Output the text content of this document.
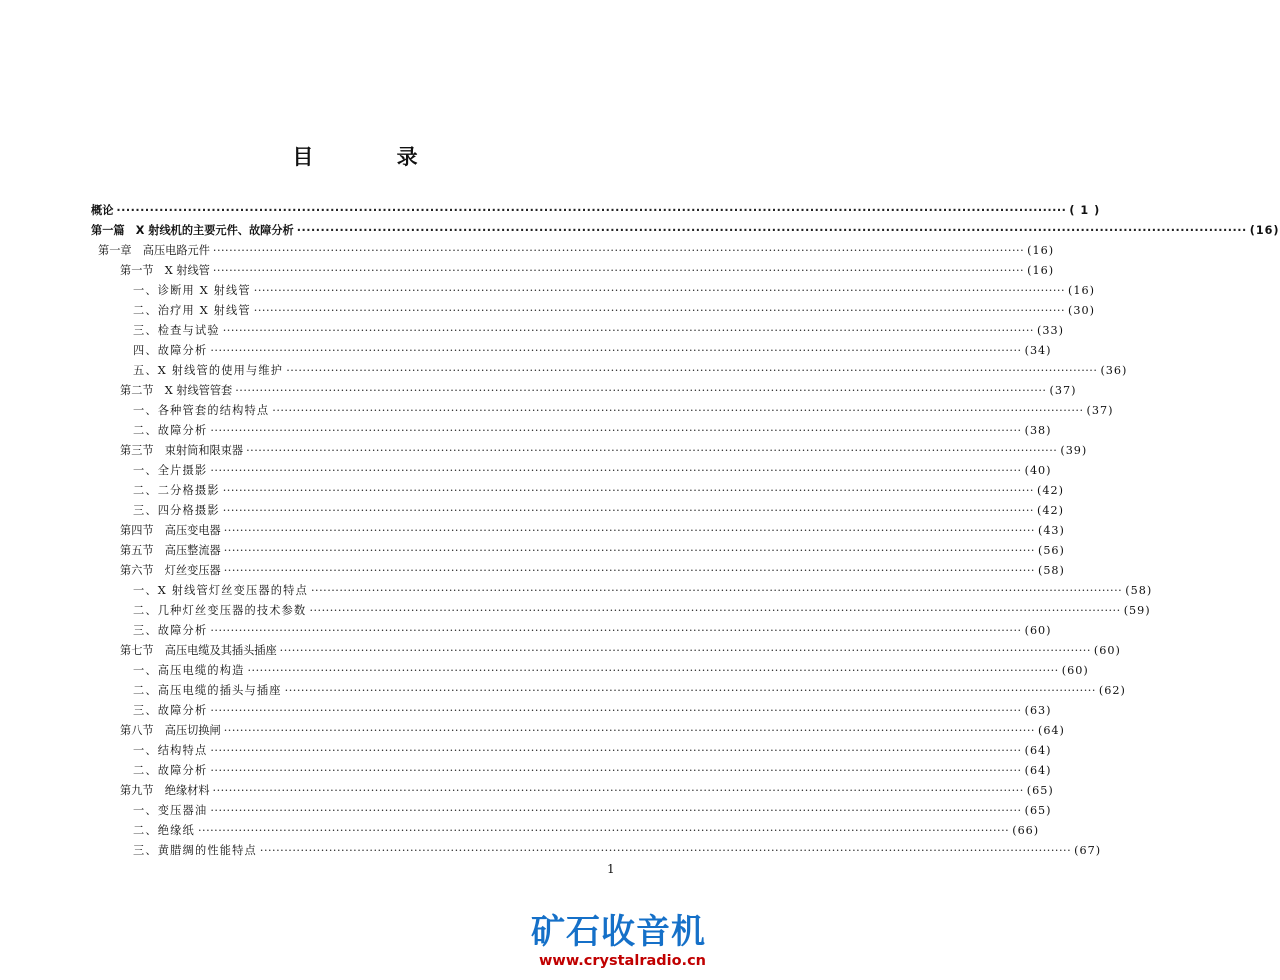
目 录
概论 ········································································································································································································ ( 1 )
第一篇　X 射线机的主要元件、故障分析 ········································································································································································································ (16)
第一章　高压电路元件 ········································································································································································································ (16)
第一节　X 射线管 ········································································································································································································ (16)
一、诊断用 X 射线管 ········································································································································································································ (16)
二、治疗用 X 射线管 ········································································································································································································ (30)
三、检查与试验 ········································································································································································································ (33)
四、故障分析 ········································································································································································································ (34)
五、X 射线管的使用与维护 ········································································································································································································ (36)
第二节　X 射线管管套 ········································································································································································································ (37)
一、各种管套的结构特点 ········································································································································································································ (37)
二、故障分析 ········································································································································································································ (38)
第三节　束射筒和限束器 ········································································································································································································ (39)
一、全片摄影 ········································································································································································································ (40)
二、二分格摄影 ········································································································································································································ (42)
三、四分格摄影 ········································································································································································································ (42)
第四节　高压变电器 ········································································································································································································ (43)
第五节　高压整流器 ········································································································································································································ (56)
第六节　灯丝变压器 ········································································································································································································ (58)
一、X 射线管灯丝变压器的特点 ········································································································································································································ (58)
二、几种灯丝变压器的技术参数 ········································································································································································································ (59)
三、故障分析 ········································································································································································································ (60)
第七节　高压电缆及其插头插座 ········································································································································································································ (60)
一、高压电缆的构造 ········································································································································································································ (60)
二、高压电缆的插头与插座 ········································································································································································································ (62)
三、故障分析 ········································································································································································································ (63)
第八节　高压切换闸 ········································································································································································································ (64)
一、结构特点 ········································································································································································································ (64)
二、故障分析 ········································································································································································································ (64)
第九节　绝缘材料 ········································································································································································································ (65)
一、变压器油 ········································································································································································································ (65)
二、绝缘纸 ········································································································································································································ (66)
三、黄腊绸的性能特点 ········································································································································································································ (67)
1
矿石收音机
www.crystalradio.cn
